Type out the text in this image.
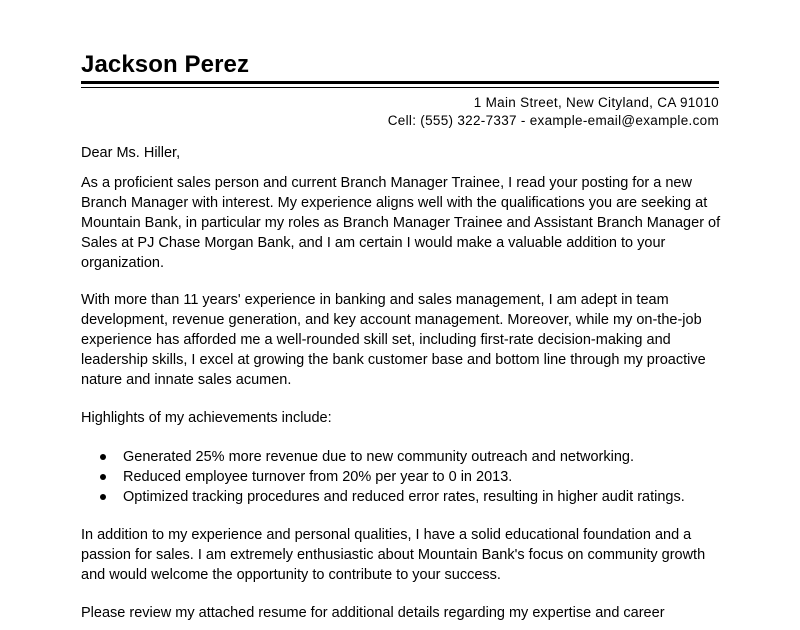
Jackson Perez
1 Main Street, New Cityland, CA 91010
Cell: (555) 322-7337 - example-email@example.com
Dear Ms. Hiller,
As a proficient sales person and current Branch Manager Trainee, I read your posting for a new Branch Manager with interest. My experience aligns well with the qualifications you are seeking at Mountain Bank, in particular my roles as Branch Manager Trainee and Assistant Branch Manager of Sales at PJ Chase Morgan Bank, and I am certain I would make a valuable addition to your organization.
With more than 11 years' experience in banking and sales management, I am adept in team development, revenue generation, and key account management. Moreover, while my on-the-job experience has afforded me a well-rounded skill set, including first-rate decision-making and leadership skills, I excel at growing the bank customer base and bottom line through my proactive nature and innate sales acumen.
Highlights of my achievements include:
Generated 25% more revenue due to new community outreach and networking.
Reduced employee turnover from 20% per year to 0 in 2013.
Optimized tracking procedures and reduced error rates, resulting in higher audit ratings.
In addition to my experience and personal qualities, I have a solid educational foundation and a passion for sales. I am extremely enthusiastic about Mountain Bank's focus on community growth and would welcome the opportunity to contribute to your success.
Please review my attached resume for additional details regarding my expertise and career
